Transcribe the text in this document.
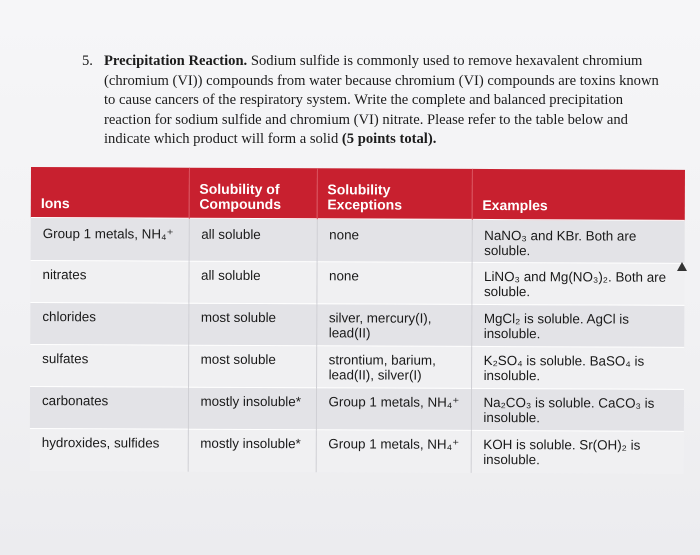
5. Precipitation Reaction. Sodium sulfide is commonly used to remove hexavalent chromium (chromium (VI)) compounds from water because chromium (VI) compounds are toxins known to cause cancers of the respiratory system. Write the complete and balanced precipitation reaction for sodium sulfide and chromium (VI) nitrate. Please refer to the table below and indicate which product will form a solid (5 points total).
Ions	Solubility of Compounds	Solubility Exceptions	Examples
Group 1 metals, NH₄⁺	all soluble	none	NaNO₃ and KBr. Both are soluble.
nitrates	all soluble	none	LiNO₃ and Mg(NO₃)₂. Both are soluble.
chlorides	most soluble	silver, mercury(I), lead(II)	MgCl₂ is soluble. AgCl is insoluble.
sulfates	most soluble	strontium, barium, lead(II), silver(I)	K₂SO₄ is soluble. BaSO₄ is insoluble.
carbonates	mostly insoluble*	Group 1 metals, NH₄⁺	Na₂CO₃ is soluble. CaCO₃ is insoluble.
hydroxides, sulfides	mostly insoluble*	Group 1 metals, NH₄⁺	KOH is soluble. Sr(OH)₂ is insoluble.
